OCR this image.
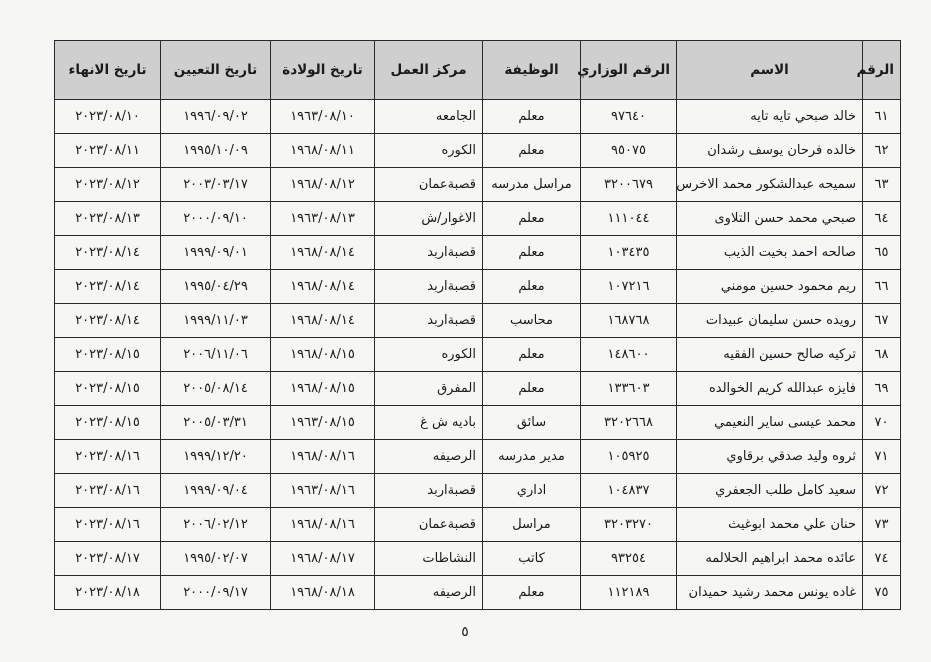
الرقم	الاسم	الرقم الوزاري	الوظيفة	مركز العمل	تاريخ الولادة	تاريخ التعيين	تاريخ الانهاء
٦١	خالد صبحي تايه تايه	٩٧٦٤٠	معلم	الجامعه	١٩٦٣/٠٨/١٠	١٩٩٦/٠٩/٠٢	٢٠٢٣/٠٨/١٠
٦٢	خالده فرحان يوسف رشدان	٩٥٠٧٥	معلم	الكوره	١٩٦٨/٠٨/١١	١٩٩٥/١٠/٠٩	٢٠٢٣/٠٨/١١
٦٣	سميحه عبدالشكور محمد الاخرس	٣٢٠٠٦٧٩	مراسل مدرسه	قصبةعمان	١٩٦٨/٠٨/١٢	٢٠٠٣/٠٣/١٧	٢٠٢٣/٠٨/١٢
٦٤	صبحي محمد حسن التلاوى	١١١٠٤٤	معلم	الاغوار/ش	١٩٦٣/٠٨/١٣	٢٠٠٠/٠٩/١٠	٢٠٢٣/٠٨/١٣
٦٥	صالحه احمد بخيت الذيب	١٠٣٤٣٥	معلم	قصبةاربد	١٩٦٨/٠٨/١٤	١٩٩٩/٠٩/٠١	٢٠٢٣/٠٨/١٤
٦٦	ريم محمود حسين مومني	١٠٧٢١٦	معلم	قصبةاربد	١٩٦٨/٠٨/١٤	١٩٩٥/٠٤/٢٩	٢٠٢٣/٠٨/١٤
٦٧	رويده حسن سليمان عبيدات	١٦٨٧٦٨	محاسب	قصبةاربد	١٩٦٨/٠٨/١٤	١٩٩٩/١١/٠٣	٢٠٢٣/٠٨/١٤
٦٨	تركيه صالح حسين الفقيه	١٤٨٦٠٠	معلم	الكوره	١٩٦٨/٠٨/١٥	٢٠٠٦/١١/٠٦	٢٠٢٣/٠٨/١٥
٦٩	فايزه عبدالله كريم الخوالده	١٣٣٦٠٣	معلم	المفرق	١٩٦٨/٠٨/١٥	٢٠٠٥/٠٨/١٤	٢٠٢٣/٠٨/١٥
٧٠	محمد عيسى ساير النعيمي	٣٢٠٢٦٦٨	سائق	باديه ش غ	١٩٦٣/٠٨/١٥	٢٠٠٥/٠٣/٣١	٢٠٢٣/٠٨/١٥
٧١	ثروه وليد صدقي برقاوي	١٠٥٩٢٥	مدير مدرسه	الرصيفه	١٩٦٨/٠٨/١٦	١٩٩٩/١٢/٢٠	٢٠٢٣/٠٨/١٦
٧٢	سعيد كامل طلب الجعفري	١٠٤٨٣٧	اداري	قصبةاربد	١٩٦٣/٠٨/١٦	١٩٩٩/٠٩/٠٤	٢٠٢٣/٠٨/١٦
٧٣	حنان علي محمد ابوغيث	٣٢٠٣٢٧٠	مراسل	قصبةعمان	١٩٦٨/٠٨/١٦	٢٠٠٦/٠٢/١٢	٢٠٢٣/٠٨/١٦
٧٤	عائده محمد ابراهيم الحلالمه	٩٣٢٥٤	كاتب	النشاطات	١٩٦٨/٠٨/١٧	١٩٩٥/٠٢/٠٧	٢٠٢٣/٠٨/١٧
٧٥	غاده يونس محمد رشيد حميدان	١١٢١٨٩	معلم	الرصيفه	١٩٦٨/٠٨/١٨	٢٠٠٠/٠٩/١٧	٢٠٢٣/٠٨/١٨
٥
